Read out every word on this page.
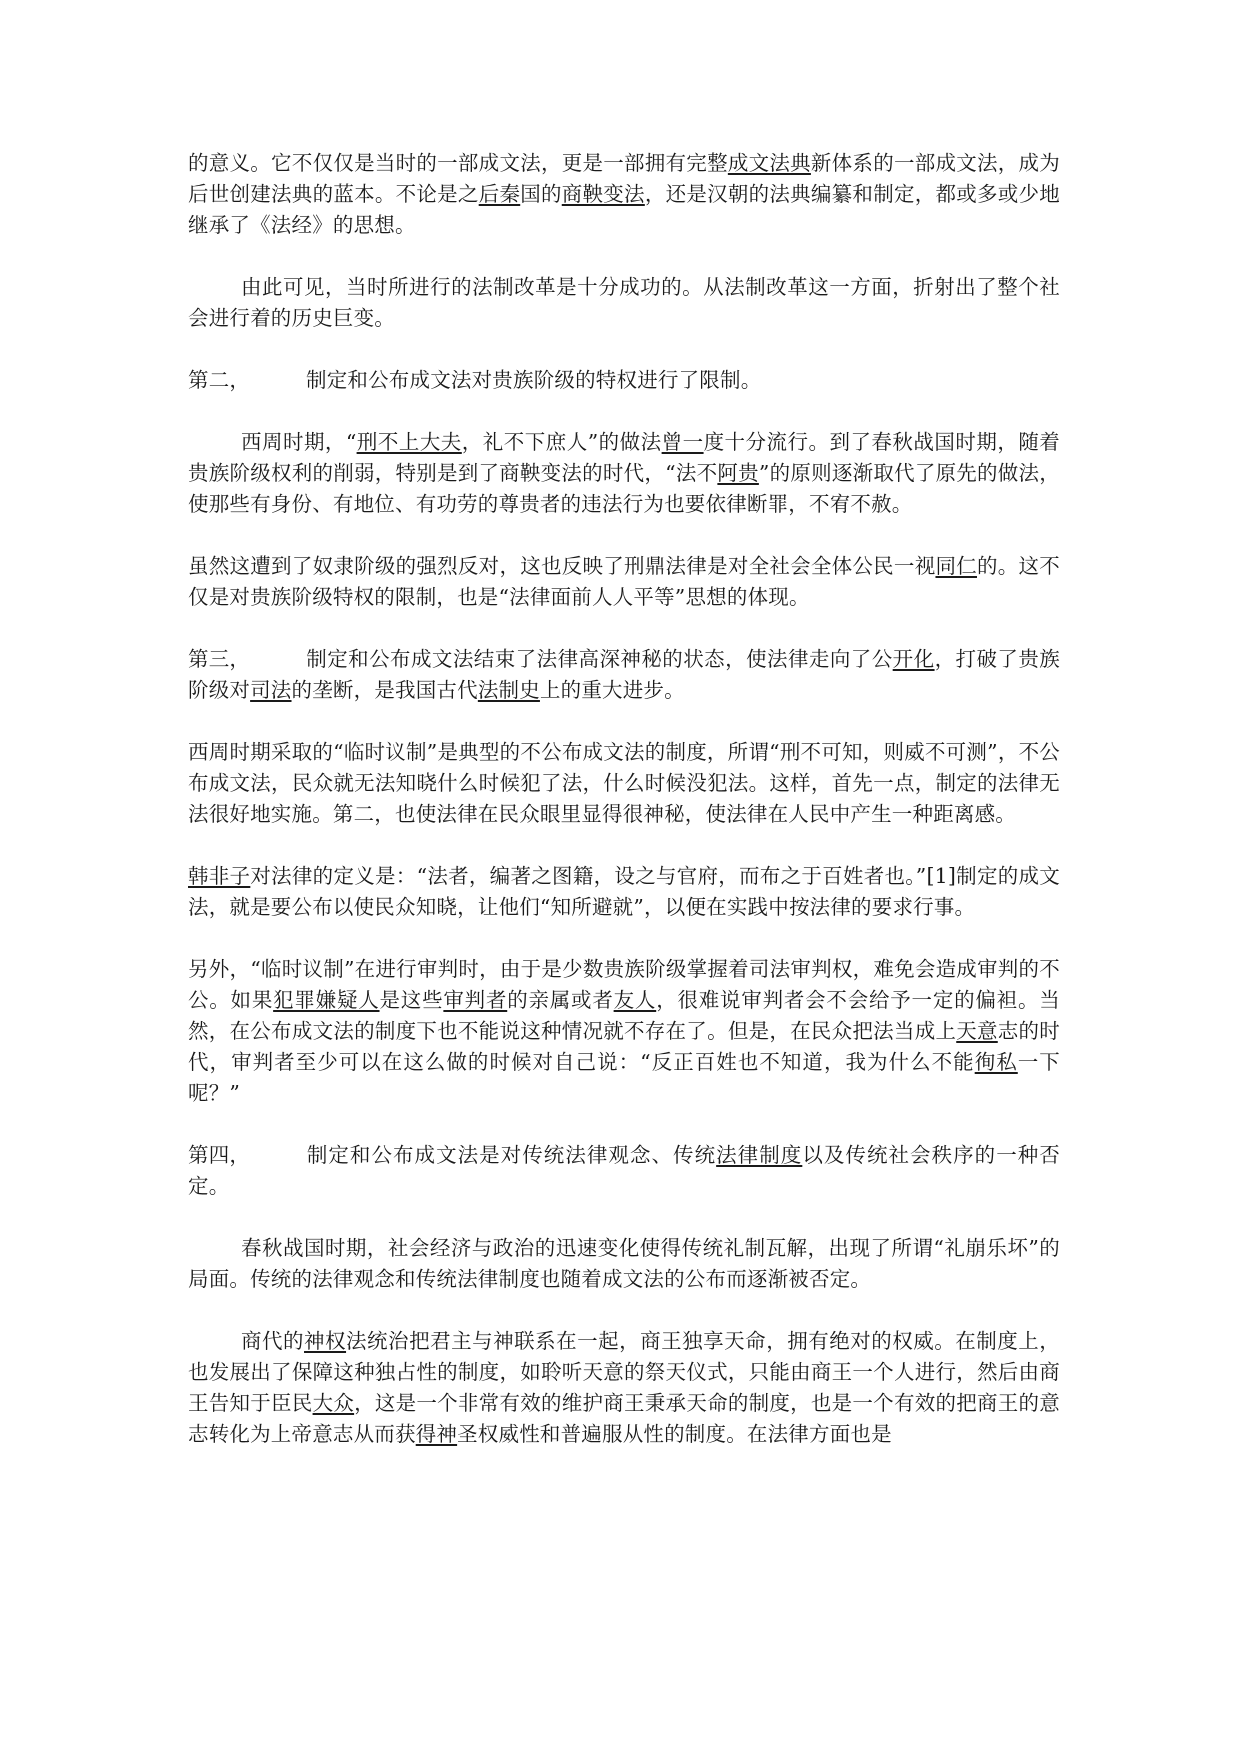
的意义。它不仅仅是当时的一部成文法，更是一部拥有完整成文法典新体系的一部成文法，成为后世创建法典的蓝本。不论是之后秦国的商鞅变法，还是汉朝的法典编纂和制定，都或多或少地继承了《法经》的思想。

由此可见，当时所进行的法制改革是十分成功的。从法制改革这一方面，折射出了整个社会进行着的历史巨变。

第二，	制定和公布成文法对贵族阶级的特权进行了限制。

西周时期，“刑不上大夫，礼不下庶人”的做法曾一度十分流行。到了春秋战国时期，随着贵族阶级权利的削弱，特别是到了商鞅变法的时代，“法不阿贵”的原则逐渐取代了原先的做法，使那些有身份、有地位、有功劳的尊贵者的违法行为也要依律断罪，不宥不赦。

虽然这遭到了奴隶阶级的强烈反对，这也反映了刑鼎法律是对全社会全体公民一视同仁的。这不仅是对贵族阶级特权的限制，也是“法律面前人人平等”思想的体现。

第三，	制定和公布成文法结束了法律高深神秘的状态，使法律走向了公开化，打破了贵族阶级对司法的垄断，是我国古代法制史上的重大进步。

西周时期采取的“临时议制”是典型的不公布成文法的制度，所谓“刑不可知，则威不可测”，不公布成文法，民众就无法知晓什么时候犯了法，什么时候没犯法。这样，首先一点，制定的法律无法很好地实施。第二，也使法律在民众眼里显得很神秘，使法律在人民中产生一种距离感。

韩非子对法律的定义是：“法者，编著之图籍，设之与官府，而布之于百姓者也。”[1]制定的成文法，就是要公布以使民众知晓，让他们“知所避就”，以便在实践中按法律的要求行事。

另外，“临时议制”在进行审判时，由于是少数贵族阶级掌握着司法审判权，难免会造成审判的不公。如果犯罪嫌疑人是这些审判者的亲属或者友人，很难说审判者会不会给予一定的偏袒。当然，在公布成文法的制度下也不能说这种情况就不存在了。但是，在民众把法当成上天意志的时代，审判者至少可以在这么做的时候对自己说：“反正百姓也不知道，我为什么不能徇私一下呢？”

第四，	制定和公布成文法是对传统法律观念、传统法律制度以及传统社会秩序的一种否定。

春秋战国时期，社会经济与政治的迅速变化使得传统礼制瓦解，出现了所谓“礼崩乐坏”的局面。传统的法律观念和传统法律制度也随着成文法的公布而逐渐被否定。

商代的神权法统治把君主与神联系在一起，商王独享天命，拥有绝对的权威。在制度上，也发展出了保障这种独占性的制度，如聆听天意的祭天仪式，只能由商王一个人进行，然后由商王告知于臣民大众，这是一个非常有效的维护商王秉承天命的制度，也是一个有效的把商王的意志转化为上帝意志从而获得神圣权威性和普遍服从性的制度。在法律方面也是
